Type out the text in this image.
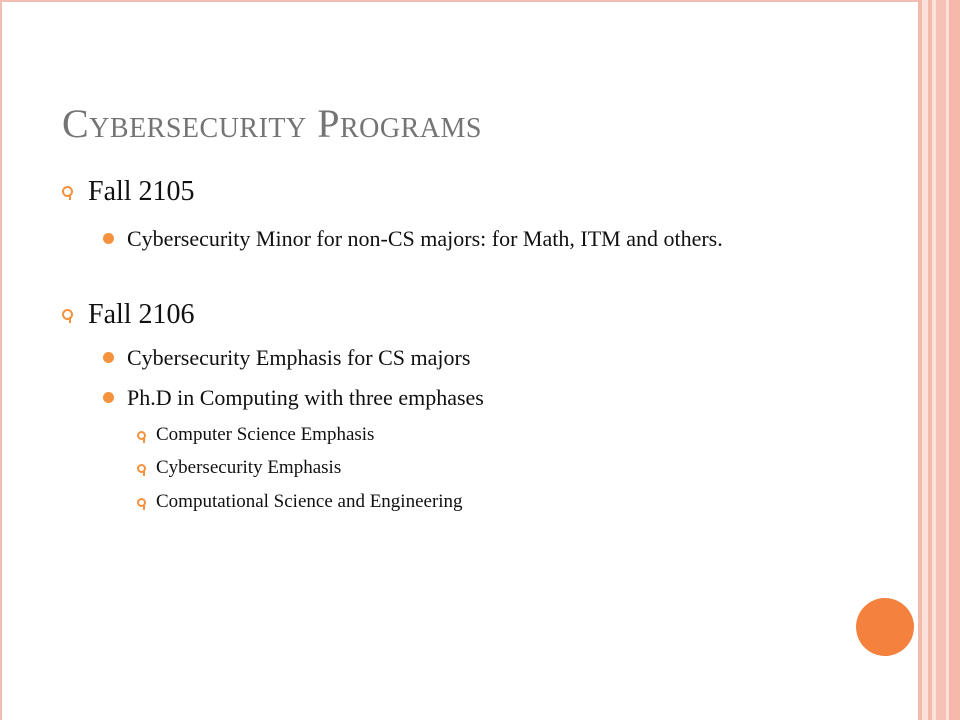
Cybersecurity Programs
Fall 2105
Cybersecurity Minor for non-CS majors: for Math, ITM and others.
Fall 2106
Cybersecurity Emphasis for CS majors
Ph.D in Computing with three emphases
Computer Science Emphasis
Cybersecurity Emphasis
Computational Science and Engineering
